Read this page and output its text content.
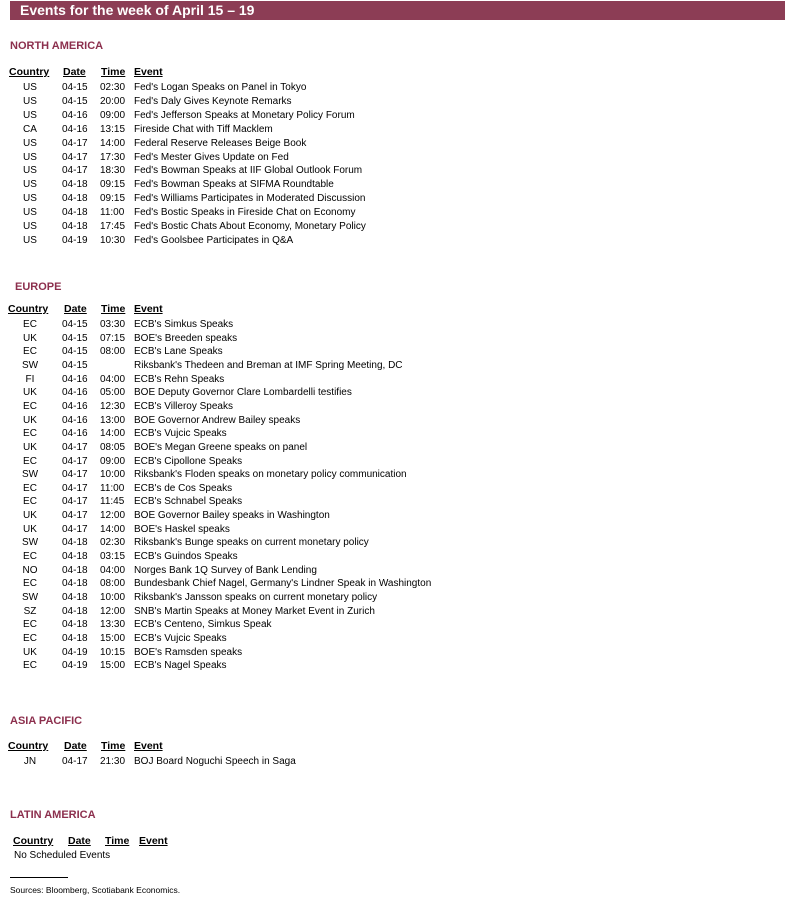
Events for the week of April 15 – 19
NORTH AMERICA
Country Date Time Event
US	04-15 02:30 Fed's Logan Speaks on Panel in Tokyo
US	04-15 20:00 Fed's Daly Gives Keynote Remarks
US	04-16 09:00 Fed's Jefferson Speaks at Monetary Policy Forum
CA	04-16 13:15 Fireside Chat with Tiff Macklem
US	04-17 14:00 Federal Reserve Releases Beige Book
US	04-17 17:30 Fed's Mester Gives Update on Fed
US	04-17 18:30 Fed's Bowman Speaks at IIF Global Outlook Forum
US	04-18 09:15 Fed's Bowman Speaks at SIFMA Roundtable
US	04-18 09:15 Fed's Williams Participates in Moderated Discussion
US	04-18 11:00 Fed's Bostic Speaks in Fireside Chat on Economy
US	04-18 17:45 Fed's Bostic Chats About Economy, Monetary Policy
US	04-19 10:30 Fed's Goolsbee Participates in Q&A
EUROPE
Country Date Time Event
EC	04-15 03:30 ECB's Simkus Speaks
UK	04-15 07:15 BOE's Breeden speaks
EC	04-15 08:00 ECB's Lane Speaks
SW	04-15	Riksbank's Thedeen and Breman at IMF Spring Meeting, DC
FI	04-16 04:00 ECB's Rehn Speaks
UK	04-16 05:00 BOE Deputy Governor Clare Lombardelli testifies
EC	04-16 12:30 ECB's Villeroy Speaks
UK	04-16 13:00 BOE Governor Andrew Bailey speaks
EC	04-16 14:00 ECB's Vujcic Speaks
UK	04-17 08:05 BOE's Megan Greene speaks on panel
EC	04-17 09:00 ECB's Cipollone Speaks
SW	04-17 10:00 Riksbank's Floden speaks on monetary policy communication
EC	04-17 11:00 ECB's de Cos Speaks
EC	04-17 11:45 ECB's Schnabel Speaks
UK	04-17 12:00 BOE Governor Bailey speaks in Washington
UK	04-17 14:00 BOE's Haskel speaks
SW	04-18 02:30 Riksbank's Bunge speaks on current monetary policy
EC	04-18 03:15 ECB's Guindos Speaks
NO	04-18 04:00 Norges Bank 1Q Survey of Bank Lending
EC	04-18 08:00 Bundesbank Chief Nagel, Germany's Lindner Speak in Washington
SW	04-18 10:00 Riksbank's Jansson speaks on current monetary policy
SZ	04-18 12:00 SNB's Martin Speaks at Money Market Event in Zurich
EC	04-18 13:30 ECB's Centeno, Simkus Speak
EC	04-18 15:00 ECB's Vujcic Speaks
UK	04-19 10:15 BOE's Ramsden speaks
EC	04-19 15:00 ECB's Nagel Speaks
ASIA PACIFIC
Country Date Time Event
JN	04-17 21:30 BOJ Board Noguchi Speech in Saga
LATIN AMERICA
Country Date Time Event
No Scheduled Events
Sources: Bloomberg, Scotiabank Economics.
